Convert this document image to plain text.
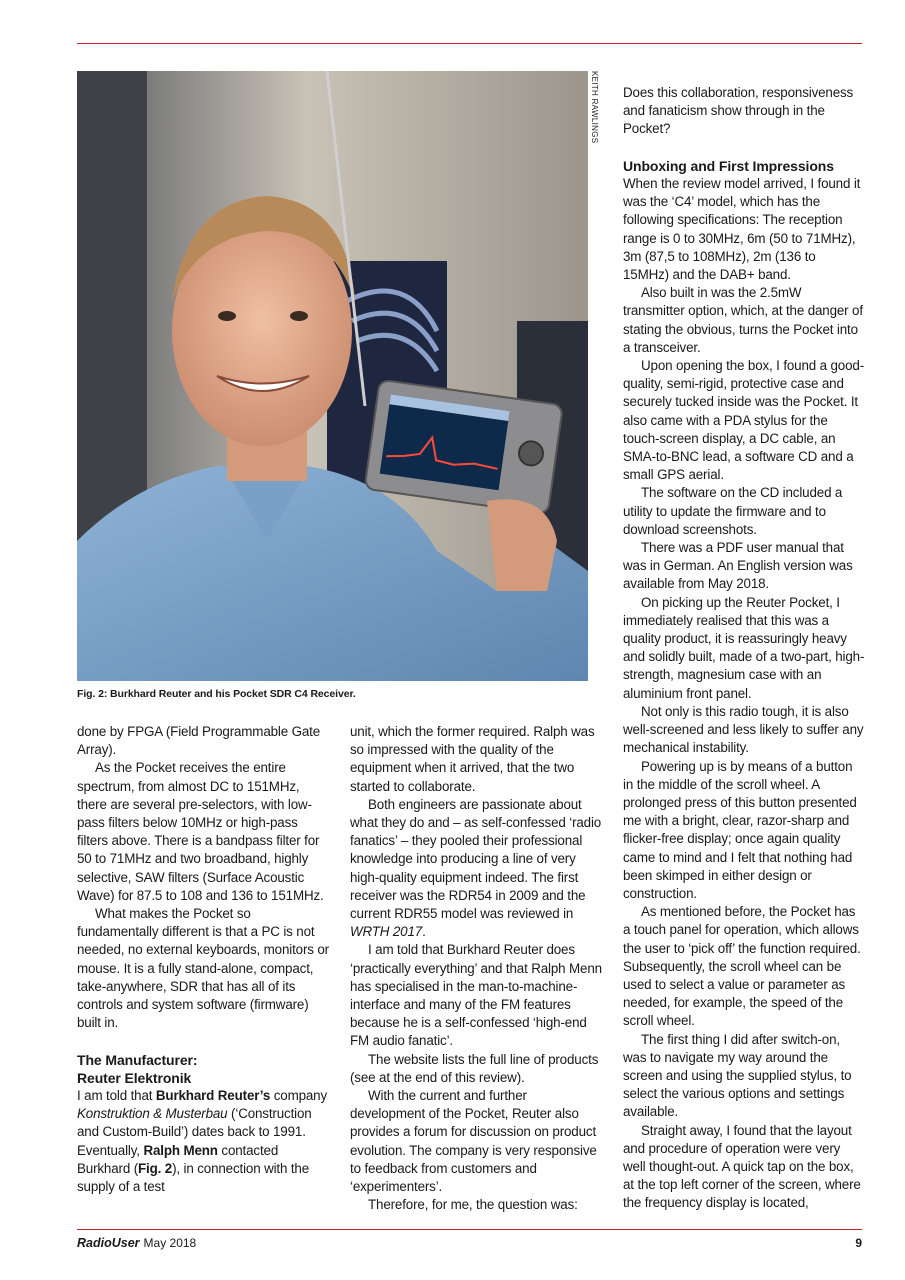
KEITH RAWLINGS
Fig. 2: Burkhard Reuter and his Pocket SDR C4 Receiver.

done by FPGA (Field Programmable Gate Array).

As the Pocket receives the entire spectrum, from almost DC to 151MHz, there are several pre-selectors, with low-pass filters below 10MHz or high-pass filters above. There is a bandpass filter for 50 to 71MHz and two broadband, highly selective, SAW filters (Surface Acoustic Wave) for 87.5 to 108 and 136 to 151MHz.

What makes the Pocket so fundamentally different is that a PC is not needed, no external keyboards, monitors or mouse. It is a fully stand-alone, compact, take-anywhere, SDR that has all of its controls and system software (firmware) built in.

The Manufacturer:
Reuter Elektronik

I am told that Burkhard Reuter’s company Konstruktion & Musterbau (‘Construction and Custom-Build’) dates back to 1991. Eventually, Ralph Menn contacted Burkhard (Fig. 2), in connection with the supply of a test

unit, which the former required. Ralph was so impressed with the quality of the equipment when it arrived, that the two started to collaborate.

Both engineers are passionate about what they do and – as self-confessed ‘radio fanatics’ – they pooled their professional knowledge into producing a line of very high-quality equipment indeed. The first receiver was the RDR54 in 2009 and the current RDR55 model was reviewed in WRTH 2017.

I am told that Burkhard Reuter does ‘practically everything’ and that Ralph Menn has specialised in the man-to-machine-interface and many of the FM features because he is a self-confessed ‘high-end FM audio fanatic’.

The website lists the full line of products (see at the end of this review).

With the current and further development of the Pocket, Reuter also provides a forum for discussion on product evolution. The company is very responsive to feedback from customers and ‘experimenters’.

Therefore, for me, the question was:

Does this collaboration, responsiveness and fanaticism show through in the Pocket?

Unboxing and First Impressions

When the review model arrived, I found it was the ‘C4’ model, which has the following specifications: The reception range is 0 to 30MHz, 6m (50 to 71MHz), 3m (87,5 to 108MHz), 2m (136 to 15MHz) and the DAB+ band.

Also built in was the 2.5mW transmitter option, which, at the danger of stating the obvious, turns the Pocket into a transceiver.

Upon opening the box, I found a good-quality, semi-rigid, protective case and securely tucked inside was the Pocket. It also came with a PDA stylus for the touch-screen display, a DC cable, an SMA-to-BNC lead, a software CD and a small GPS aerial.

The software on the CD included a utility to update the firmware and to download screenshots.

There was a PDF user manual that was in German. An English version was available from May 2018.

On picking up the Reuter Pocket, I immediately realised that this was a quality product, it is reassuringly heavy and solidly built, made of a two-part, high-strength, magnesium case with an aluminium front panel.

Not only is this radio tough, it is also well-screened and less likely to suffer any mechanical instability.

Powering up is by means of a button in the middle of the scroll wheel. A prolonged press of this button presented me with a bright, clear, razor-sharp and flicker-free display; once again quality came to mind and I felt that nothing had been skimped in either design or construction.

As mentioned before, the Pocket has a touch panel for operation, which allows the user to ‘pick off’ the function required. Subsequently, the scroll wheel can be used to select a value or parameter as needed, for example, the speed of the scroll wheel.

The first thing I did after switch-on, was to navigate my way around the screen and using the supplied stylus, to select the various options and settings available.

Straight away, I found that the layout and procedure of operation were very well thought-out. A quick tap on the box, at the top left corner of the screen, where the frequency display is located,

RadioUser May 2018	9
